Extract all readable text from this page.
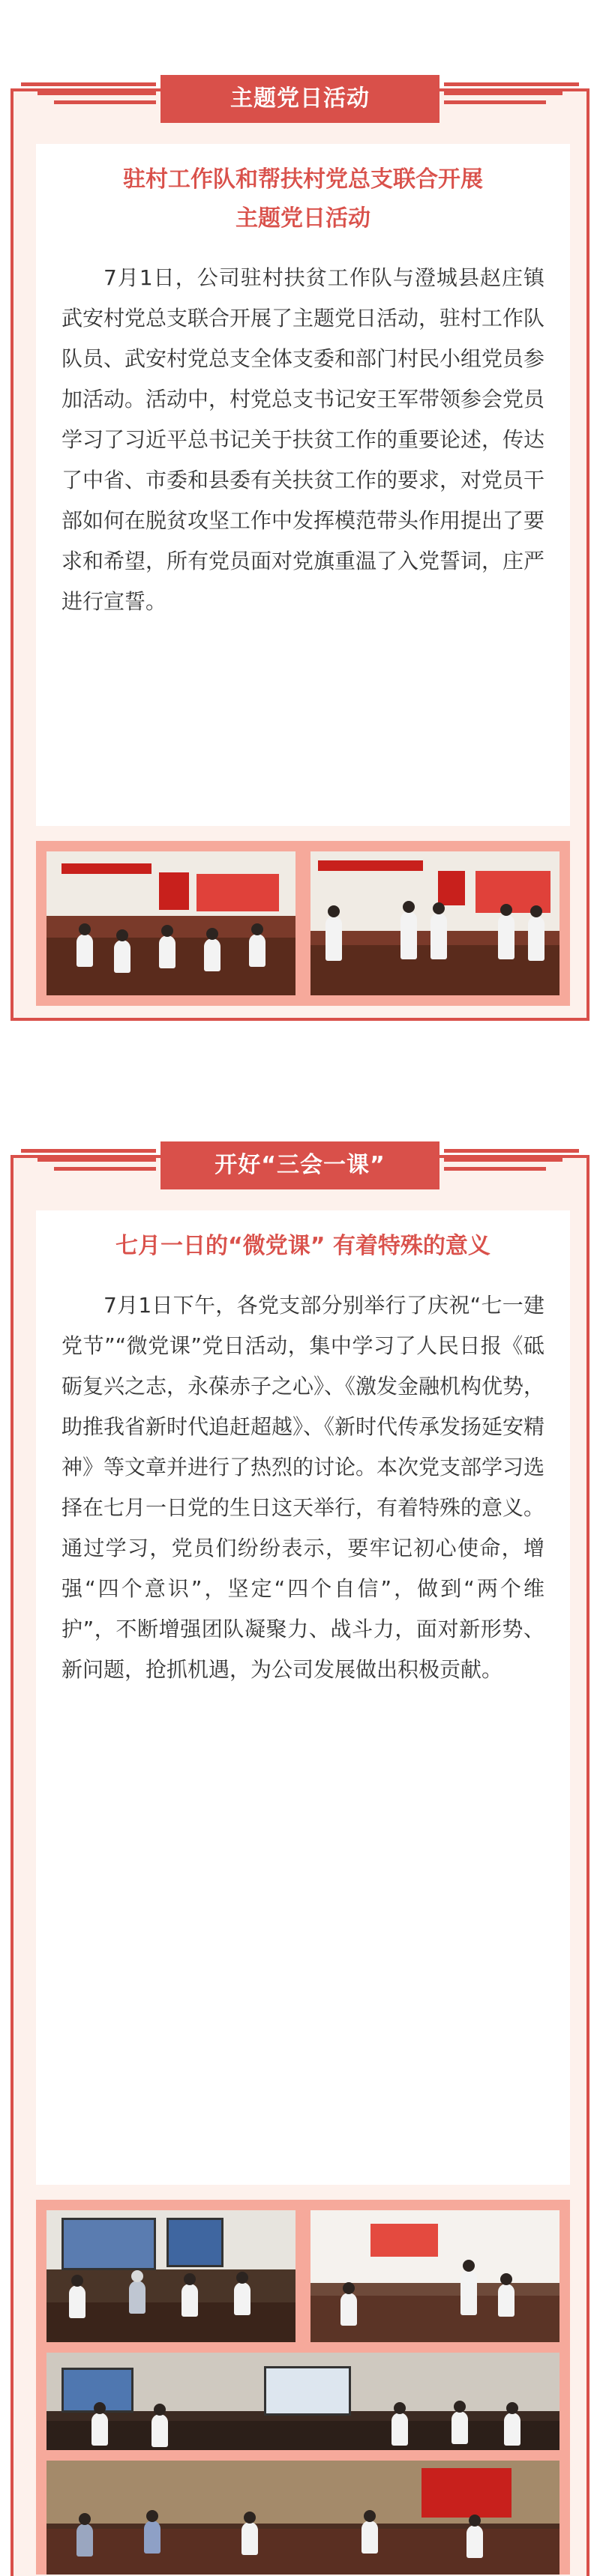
驻村工作队和帮扶村党总支联合开展
主题党日活动

7月1日，公司驻村扶贫工作队与澄城县赵庄镇武安村党总支联合开展了主题党日活动，驻村工作队队员、武安村党总支全体支委和部门村民小组党员参加活动。活动中，村党总支书记安王军带领参会党员学习了习近平总书记关于扶贫工作的重要论述，传达了中省、市委和县委有关扶贫工作的要求，对党员干部如何在脱贫攻坚工作中发挥模范带头作用提出了要求和希望，所有党员面对党旗重温了入党誓词，庄严进行宣誓。

主题党日活动
七月一日的“微党课” 有着特殊的意义

7月1日下午，各党支部分别举行了庆祝“七一建党节”“微党课”党日活动，集中学习了人民日报《砥砺复兴之志，永葆赤子之心》、《激发金融机构优势，助推我省新时代追赶超越》、《新时代传承发扬延安精神》等文章并进行了热烈的讨论。本次党支部学习选择在七月一日党的生日这天举行，有着特殊的意义。通过学习，党员们纷纷表示，要牢记初心使命，增强“四个意识”，坚定“四个自信”，做到“两个维护”，不断增强团队凝聚力、战斗力，面对新形势、新问题，抢抓机遇，为公司发展做出积极贡献。

开好“三会一课”
